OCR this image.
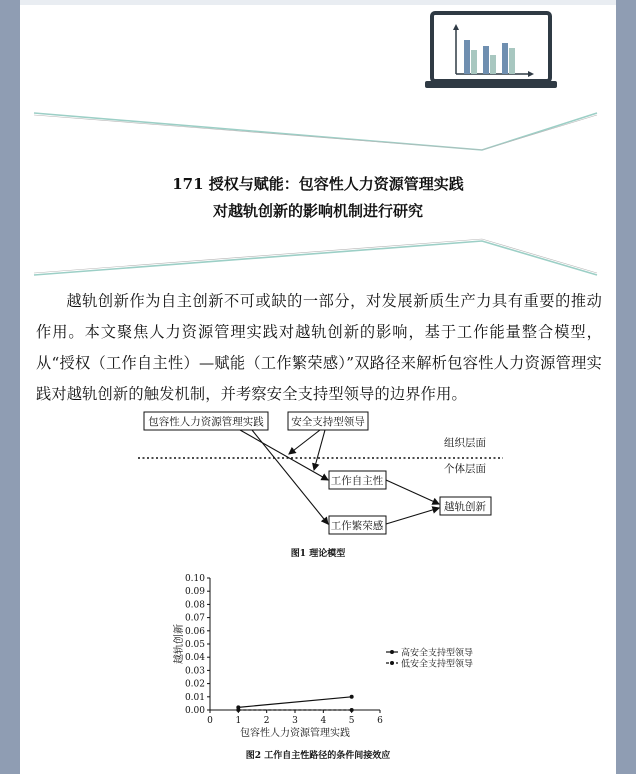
171 授权与赋能：包容性人力资源管理实践
对越轨创新的影响机制进行研究

越轨创新作为自主创新不可或缺的一部分，对发展新质生产力具有重要的推动作用。本文聚焦人力资源管理实践对越轨创新的影响，基于工作能量整合模型，从“授权（工作自主性）—赋能（工作繁荣感）”双路径来解析包容性人力资源管理实践对越轨创新的触发机制，并考察安全支持型领导的边界作用。

组织层面
个体层面
包容性人力资源管理实践	安全支持型领导
工作自主性
工作繁荣感
越轨创新
图1 理论模型
0.00
0.01
0.02
0.03
0.04
0.05
0.06
0.07
0.08
0.09
0.10
0	1	2	3	4	5	6
包容性人力资源管理实践
越轨创新	高安全支持型领导
低安全支持型领导
图2 工作自主性路径的条件间接效应
